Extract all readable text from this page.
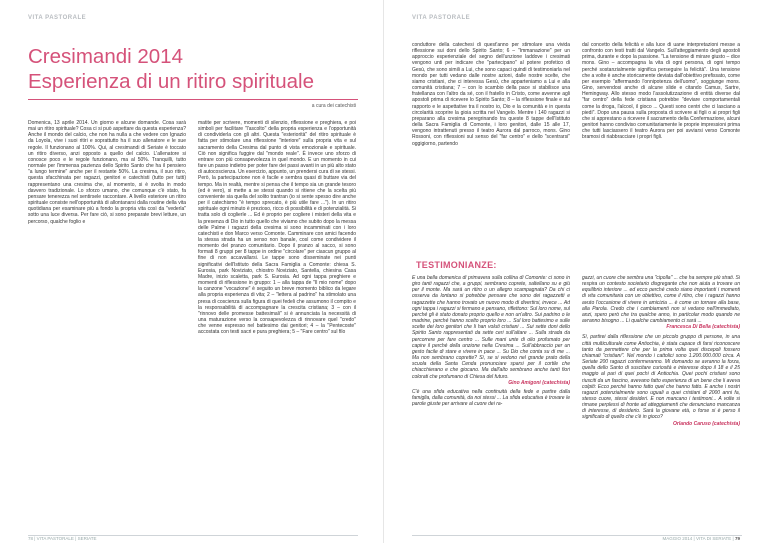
VITA PASTORALE
Cresimandi 2014
Esperienza di un ritiro spirituale
a cura dei catechisti
Domenica, 13 aprile 2014. Un giorno e alcune domande. Cosa sarà mai un ritiro spirituale? Cosa ci si può aspettare da questa esperienza? Anche il mondo del calcio, che non ha nulla a che vedere con Ignazio da Loyola, vive i suoi ritiri e soprattutto ha il suo allenatore e le sue regole. Il funzionano al 100%. Qui, al cresimandi di Seriate è toccato un ritiro diverso, anzi opposto a quello del calcio. L'allenatore si conosce poco e le regole funzionano, ma al 50%. Tranquilli, tutto normale per l'immensa pazienza dello Spirito Santo che ha il pensiero "a lungo termine" anche per il restante 50%. La cresima, il suo ritiro, questa sfacchinata per ragazzi, genitori e catechisti (tutto per tutti) rappresentano una cresima che, al momento, si è svolta in modo davvero tradizionale. Lo sforzo umano, che comunque c'è stato, fa pensare tenerezza nel sentirsele raccontare. A livello esteriore un ritiro spirituale consiste nell'opportunità di allontanarsi dalla routine della vita quotidiana per esaminare più a fondo la propria vita così da "vederla" sotto una luce diversa. Per fare ciò, si sono preparate brevi letture, un percorso, qualche foglio e
matite per scrivere, momenti di silenzio, riflessione e preghiera, e poi simboli per facilitare "l'ascolto" della propria esperienza e l'opportunità di condividerla con gli altri. Questa "esteriorità" del ritiro spirituale è fatta per stimolare una riflessione "interiore" sulla propria vita e sul sacramento della Cresima dal punto di vista emozionale e spirituale. Ciò non significa fuggire dal "mondo reale". È invece uno sforzo di entrare con più consapevolezza in quel mondo. E un momento in cui fare un passo indietro per poter fare dei passi avanti in un più alto stato di autocoscienza. Un esercizio, appunto, un prendersi cura di se stessi. Però, la partecipazione non è facile e sembra quasi di buttare via del tempo. Ma in realtà, mentre si pensa che il tempo sia un grande tesoro (ed è vero), si mette a se stessi quando si ritiene che la scelta più conveniente sia quella del solito trantran (io si sente spesso dire anche per il catechismo "è tempo sprecato, è più utile fare ..."). In un ritiro spirituale ogni minuto è prezioso, ricco di possibilità e di potenzialità. Si tratta solo di coglierle ... Ed è proprio per cogliere i misteri della vita e la presenza di Dio in tutto quello che viviamo che subito dopo la messa delle Palme i ragazzi della cresima si sono incamminati con i loro catechisti e don Marco verso Comonte. Camminare con amici facendo la stessa strada ha un senso non banale, così come condividere il momento del pranzo comunitario. Dopo il pranzo al sacco, si sono formati 8 gruppi per 8 tappe in ordine "circolare" per ciascun gruppo al fine di non accavallarsi. Le tappe sono disseminate nei punti significativi dell'Istituto della Sacra Famiglia a Comonte: chiesa S. Eurosia, park Noviziato, chiostro Noviziato, Santella, chiesina Casa Madre, inizio scaletta, park S. Eurosia. Ad ogni tappa preghiere e momenti di riflessione in gruppo: 1 – alla tappa de "Il mio nome" dopo la canzone "vocazione" è seguito un breve momento biblico da legare alla propria esperienza di vita; 2 – "lettera al padrino" ha stimolato una presa di coscienza sulla figura di quei fedeli che assumono il compito e la responsabilità di accompagnare la crescita cristiana; 3 – con il "rinnovo delle promesse battesimali" si è annunciata la necessità di una maturazione verso la consapevolezza di rinnovare quel "credo" che venne espresso nel battesimo dai genitori; 4 – la "Pentecoste" accostata con testi sacri e pura preghiera; 5 – "Fare centro" sul filo
78 | VITA PASTORALE | SERIATE
VITA PASTORALE
conduttore della catechesi di quest'anno per stimolare una vivida riflessione sui doni dello Spirito Santo; 6 – "Immanazione" per un approccio esperienziale del segno dell'unzione laddove i cresimati vengono unti per indicare che "partecipano" al potere profetico di Gesù, che sono simili a Lui, che sono capaci quindi di testimoniarla nel mondo per tutti vedano dalle nostre azioni, dalle nostre scelte, che siamo cristiani, che ci interessa Gesù, che apparteniamo a Lui e alla comunità cristiana; 7 – con lo scambio della pace si stabilisce una fratellanza con l'altro da sé, con il fratello in Cristo, come avvenne agli apostoli prima di ricevere lo Spirito Santo; 8 – la riflessione finale e sul rapporto e le aspettative tra il nostro io, Dio e la comunità e in questa circolarità scoprire la gioia scritta nel Vangelo. Mentre i 140 ragazzi si preparano alla cresima peregrinando tra queste 8 tappe dell'Istituto della Sacra Famiglia di Comonte, i loro genitori, dalle 15 alle 17, vengono intrattenuti presso il teatro Aurora dal parroco, mons. Gino Rossoni, con riflessioni sul senso del "far centro" e dello "scentrarsi" oggigiorno, partendo
dal concetto della felicità e alla luce di uane interpretazioni messe a confronto con testi tratti dal Vangelo. Sull'atteggiamento degli apostoli prima, durante e dopo la passione. "La tensione di mirare giusto – dice mons. Gino – accompagna la vita di ogni persona, di ogni tempo perché sostanzialmente significa perseguire la felicità". Una tensione che a volte è anche storicamente deviata dall'obiettivo prefissato, come per esempio "affermando l'onnipotenza dell'uomo", soggiunge mons. Gino, servendosi anche di alcune slide e citando Camus, Sartre, Hemingway. Allo stesso modo l'assolutizzazione di entità diverse dal "far centro" della fede cristiana potrebbe "deviare comportamentali come la droga, l'alcool, il gioco ... Questi sono centri che ci lasciano a piedi". Dopo una pausa sulla proposta di scrivere ai figli o ai propri figli che si apprestano a ricevere il sacramento della Confermazione, alcuni genitori hanno condiviso comunitariamente le proprie impressioni prima che tutti lasciassero il teatro Aurora per poi avviarsi verso Comonte bramosi di riabbracciare i propri figli.
TESTIMONIANZE:
È una bella domenica di primavera sulla collina di Comonte: ci sono in giro tanti ragazzi che, a gruppi, sembrano coprete, saltellano su e giù per il monte. Ma sarà un ritiro o un allegro scampagnata? Da chi ci osserva da lontano si potrebbe pensare che sono dei ragazzetti e ragazzette che hanno trovato un nuovo modo di divertirsi, invece ... Ad ogni tappa i ragazzi si fermano e pensano, riflettono: Sul loro nome, sul perché gli è stato donato proprio quello e non un'altro. Sui padrino o le madrine, perché hanno scelto proprio loro ... Sul loro battesimo e sulle scelte dei loro genitori che li han voluti cristiani ... Sui sette doni dello Spirito Santo rappresentati da sette ceri sull'altare ... Sulla strada da percorrere per fare centro ... Sulle mani unte di olio profumato per capire il perché della unzione nella Cresima ... Sull'abbraccio per un gesto facile di stare e vivere in pace ... Su Dio che conta su di me ... Ma non sembrano coprette? Sì, se si vedono nel grande prato della scuola della Santa Cenda pronunciare sparsi per il cortile che chiacchierano e che giocano. Ma dall'alto sembrano anche tanti fiori colorati che profumano di Chiesa del futuro.
Gino Amigoni (catechista)
C'è una sfida educativa nella continuità della fede e partire dalla famiglia, dalla comunità, da noi stessi ... La sfida educativa è trovare le parole giuste per arrivare al cuore dei ra-
gazzi, un cuore che sembra una "cipolla" ... che ha sempre più strati. Si respira un contesto societario disgregante che non aiuta a trovare un equilibrio interiore ... ed ecco perché credo siano importanti i momenti di vita comunitaria con un obiettivo, come il ritiro, che i ragazzi hanno avuto l'occasione di vivere in amicizia ... è come un tornare alla base, alla Parola. Credo che i cambiamenti non si vedano nell'immediato, anzi, spero però che tra qualche anno, in particolar modo quando ne avranno bisogno ... Li qualche cambiamento ci sarà ...
Francesca Di Bella (catechista)
Sì, partirei dalla riflessione che un piccolo gruppo di persone, in una città multiculturale come Antiochia, è stata capace di farsi riconoscere tanto da permettere che per la prima volta quei discepoli fossero chiamati "cristiani". Nel mondo i cattolici sono 1.200.000.000 circa. A Seriate 200 ragazzi confermeranno. Mi domando se avranno la forza, quella dello Santo di suscitare curiosità e interesse dopo il 18 e il 25 maggio al pari di quei pochi di Antiochia. Quei pochi cristiani sono riusciti da un fascino, avevano fatto esperienza di un bene che li aveva colpiti: Ecco perché hanno fatto quel che hanno fatto. E anche i nostri ragazzi potenzialmente sono uguali a quei cristiani di 2000 anni fa, stesso cuore, stessi desideri. E non mancano i testimoni... A volte si rimane perplessi di fronte ad atteggiamenti che denunciano mancanza di interesse, di desiderio. Sarà la giovane età, o forse si è perso il significato di quello che c'è in gioco?
Orlando Caruso (catechista)
MAGGIO 2014 | VITA DI SERIATE | 79
